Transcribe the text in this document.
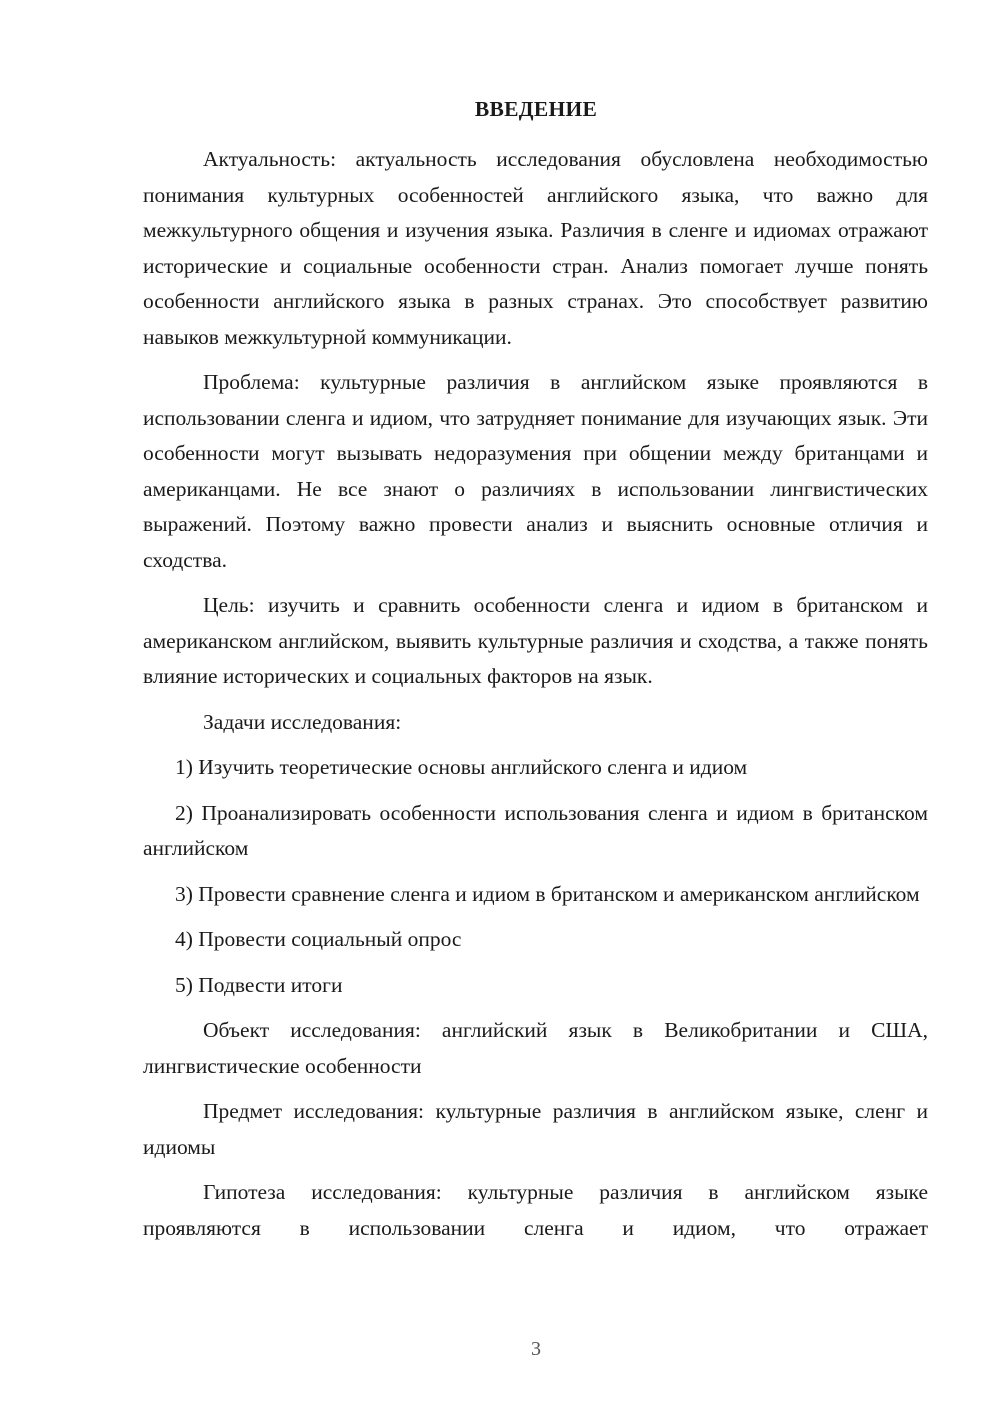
ВВЕДЕНИЕ

Актуальность: актуальность исследования обусловлена необходимостью понимания культурных особенностей английского языка, что важно для межкультурного общения и изучения языка. Различия в сленге и идиомах отражают исторические и социальные особенности стран. Анализ помогает лучше понять особенности английского языка в разных странах. Это способствует развитию навыков межкультурной коммуникации.

Проблема: культурные различия в английском языке проявляются в использовании сленга и идиом, что затрудняет понимание для изучающих язык. Эти особенности могут вызывать недоразумения при общении между британцами и американцами. Не все знают о различиях в использовании лингвистических выражений. Поэтому важно провести анализ и выяснить основные отличия и сходства.

Цель: изучить и сравнить особенности сленга и идиом в британском и американском английском, выявить культурные различия и сходства, а также понять влияние исторических и социальных факторов на язык.

Задачи исследования:

1) Изучить теоретические основы английского сленга и идиом

2) Проанализировать особенности использования сленга и идиом в британском английском

3) Провести сравнение сленга и идиом в британском и американском английском

4) Провести социальный опрос

5) Подвести итоги

Объект исследования: английский язык в Великобритании и США, лингвистические особенности

Предмет исследования: культурные различия в английском языке, сленг и идиомы

Гипотеза исследования: культурные различия в английском языке проявляются в использовании сленга и идиом, что отражает

3
